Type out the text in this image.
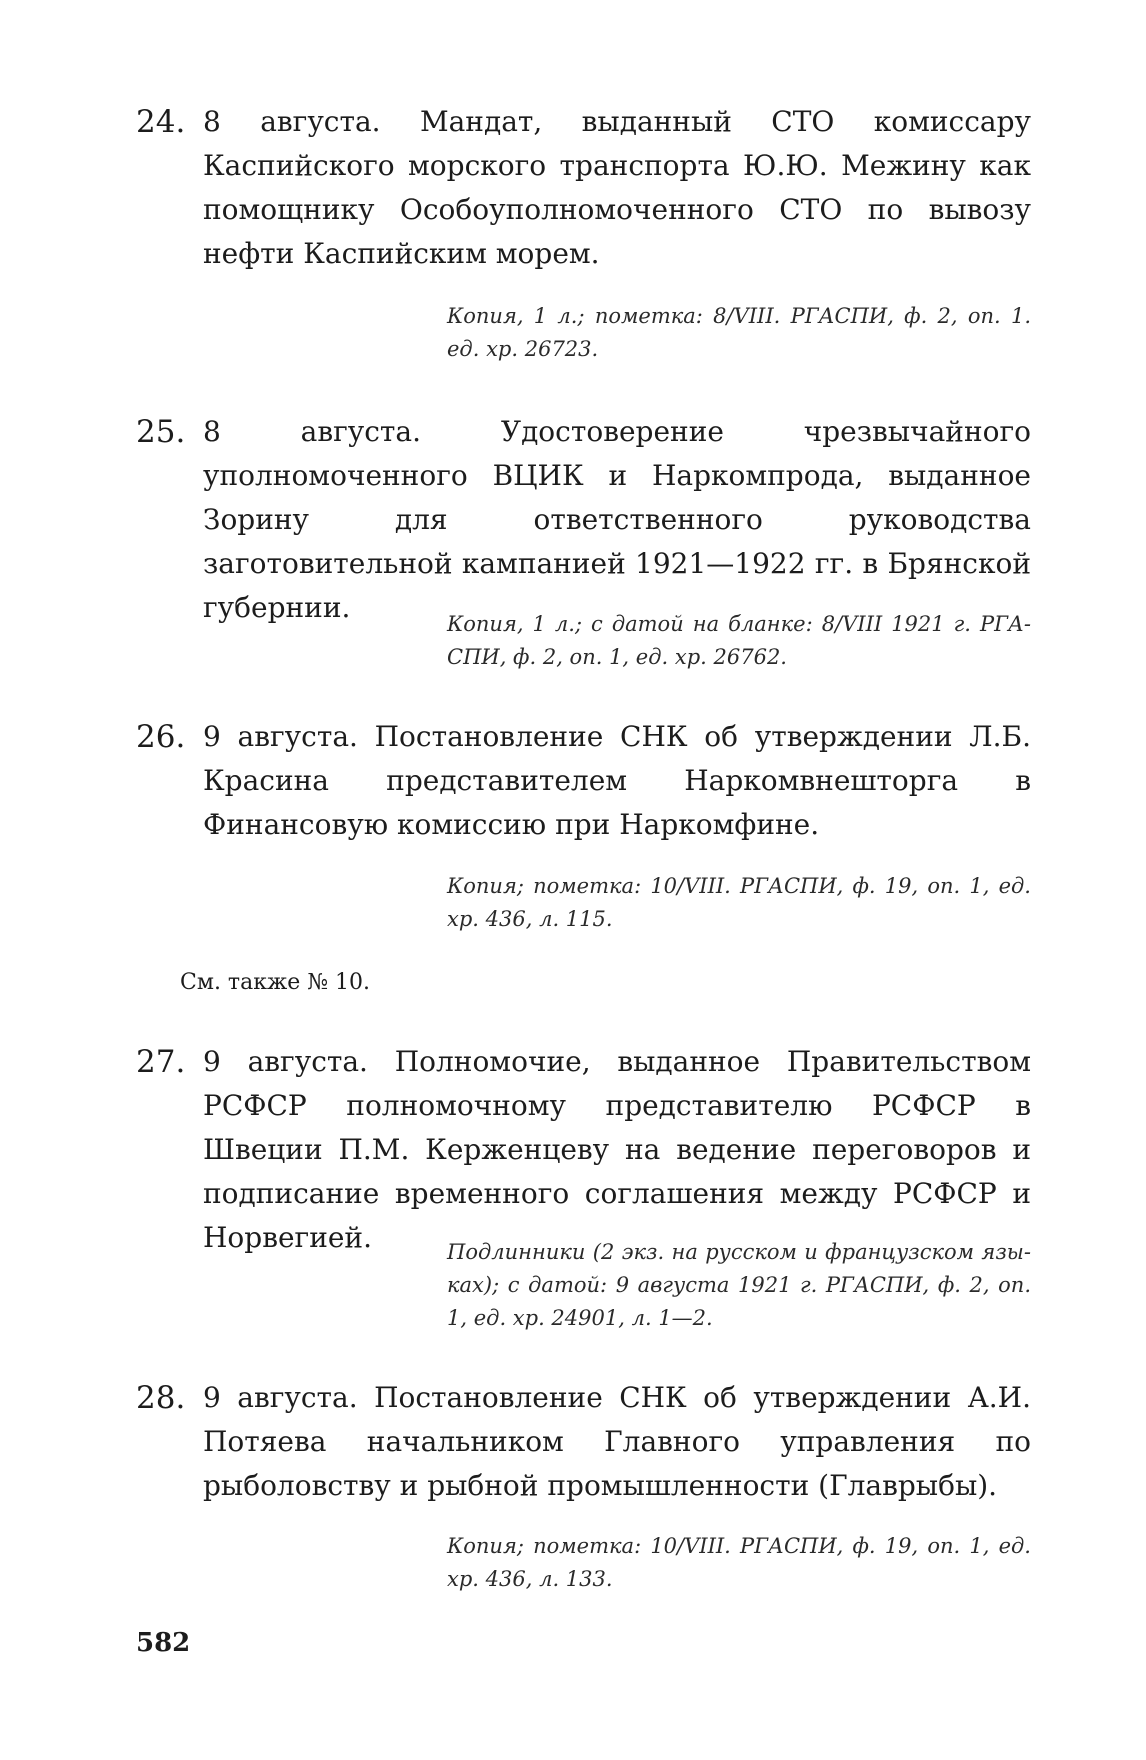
24. 8 августа. Мандат, выданный СТО комиссару Каспийского морского транспорта Ю.Ю. Межину как помощнику Особоуполномоченного СТО по вывозу нефти Каспийским морем.
Копия, 1 л.; пометка: 8/VIII. РГАСПИ, ф. 2, оп. 1. ед. хр. 26723.
25. 8 августа. Удостоверение чрезвычайного уполномоченного ВЦИК и Наркомпрода, выданное Зорину для ответственного руководства заготовительной кампанией 1921—1922 гг. в Брянской губернии.	Копия, 1 л.; с датой на бланке: 8/VIII 1921 г. РГАСПИ, ф. 2, оп. 1, ед. хр. 26762.
26. 9 августа. Постановление СНК об утверждении Л.Б. Красина представителем Наркомвнешторга в Финансовую комиссию при Наркомфине.
Копия; пометка: 10/VIII. РГАСПИ, ф. 19, оп. 1, ед. хр. 436, л. 115.
См. также № 10.
27. 9 августа. Полномочие, выданное Правительством РСФСР полномочному представителю РСФСР в Швеции П.М. Керженцеву на ведение переговоров и подписание временного соглашения между РСФСР и Норвегией.	Подлинники (2 экз. на русском и французском языках); с датой: 9 августа 1921 г. РГАСПИ, ф. 2, оп. 1, ед. хр. 24901, л. 1—2.
28. 9 августа. Постановление СНК об утверждении А.И. Потяева начальником Главного управления по рыболовству и рыбной промышленности (Главрыбы).
Копия; пометка: 10/VIII. РГАСПИ, ф. 19, оп. 1, ед. хр. 436, л. 133.
582
